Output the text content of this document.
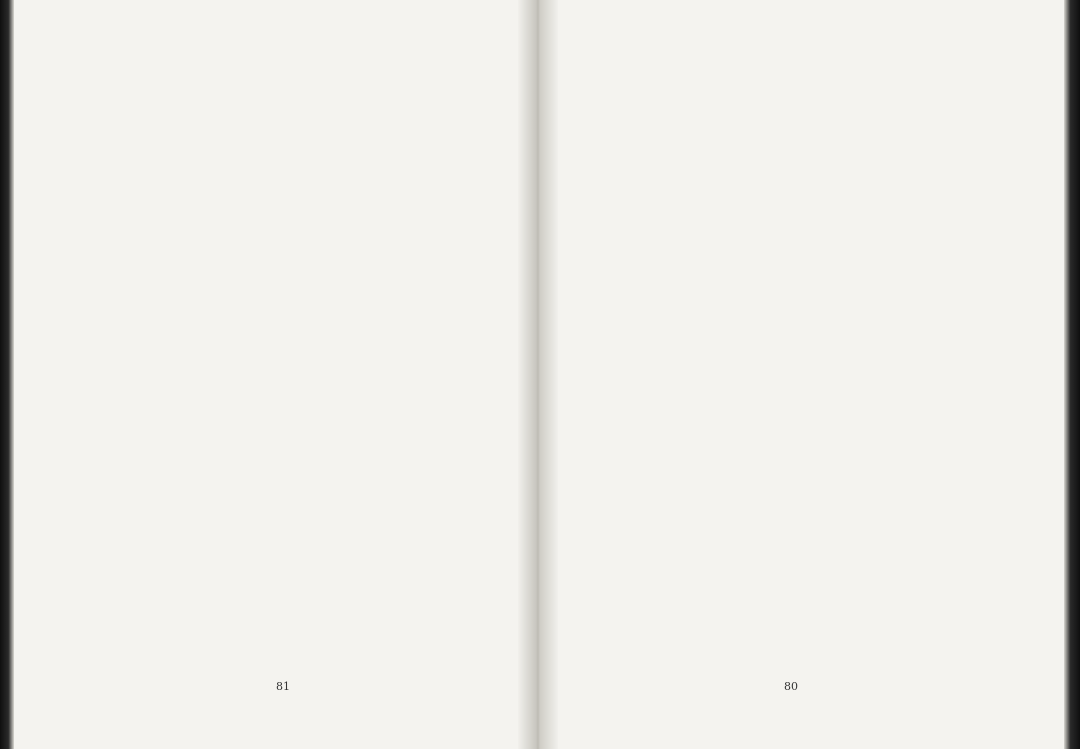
81	80
